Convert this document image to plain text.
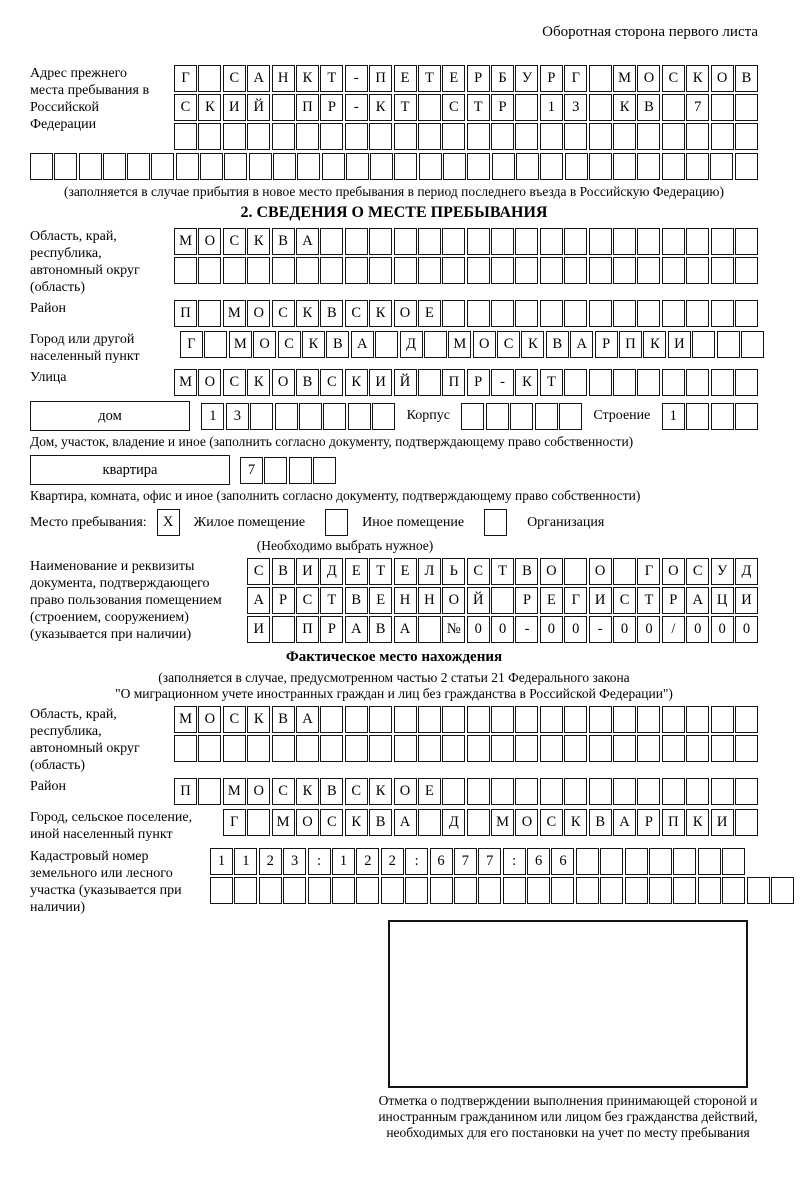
Оборотная сторона первого листа
Адрес прежнего места пребывания в Российской Федерации
Г	С А Н К	Т	-	П	Е	Т	Е	Р	Б	У	Р	Г	М О С	К О В
С	К И Й	П	Р	-	К	Т	С	Т	Р	1	3	К	В	7
(заполняется в случае прибытия в новое место пребывания в период последнего въезда в Российскую Федерацию)
2. СВЕДЕНИЯ О МЕСТЕ ПРЕБЫВАНИЯ
Область, край, республика, автономный округ (область)
М О С	К	В А
Район	П	М О С	К	В	С	К О	Е
Город или другой населенный пункт
Г	М О С	К	В А	Д	М О С	К	В А	Р	П К И
Улица	М О С	К О В	С	К И Й	П	Р	-	К	Т
дом	1	3	Корпус	Строение	1
Дом, участок, владение и иное (заполнить согласно документу, подтверждающему право собственности)
квартира	7
Квартира, комната, офис и иное (заполнить согласно документу, подтверждающему право собственности)
Место пребывания:	X	Жилое помещение	Иное помещение	Организация
(Необходимо выбрать нужное)
Наименование и реквизиты документа, подтверждающего право пользования помещением (строением, сооружением) (указывается при наличии)
С	В И Д	Е	Т	Е	Л	Ь	С	Т	В О	О	Г	О С У Д
А	Р	С	Т	В	Е	Н Н О Й	Р	Е	Г	И С	Т	Р	А Ц И
И	П	Р	А В А	№ 0	0	-	0	0	-	0	0	/	0	0	0
Фактическое место нахождения
(заполняется в случае, предусмотренном частью 2 статьи 21 Федерального закона
"О миграционном учете иностранных граждан и лиц без гражданства в Российской Федерации")
Область, край, республика, автономный округ (область)
М О С	К	В А
Район	П	М О С	К	В	С	К О	Е
Город, сельское поселение, иной населенный пункт
Г	М О С	К	В А	Д	М О С	К	В А	Р	П К И
Кадастровый номер земельного или лесного участка (указывается при наличии)
1	1	2	3	:	1	2	2	:	6	7	7	:	6	6
Отметка о подтверждении выполнения принимающей стороной и иностранным гражданином или лицом без гражданства действий, необходимых для его постановки на учет по месту пребывания
